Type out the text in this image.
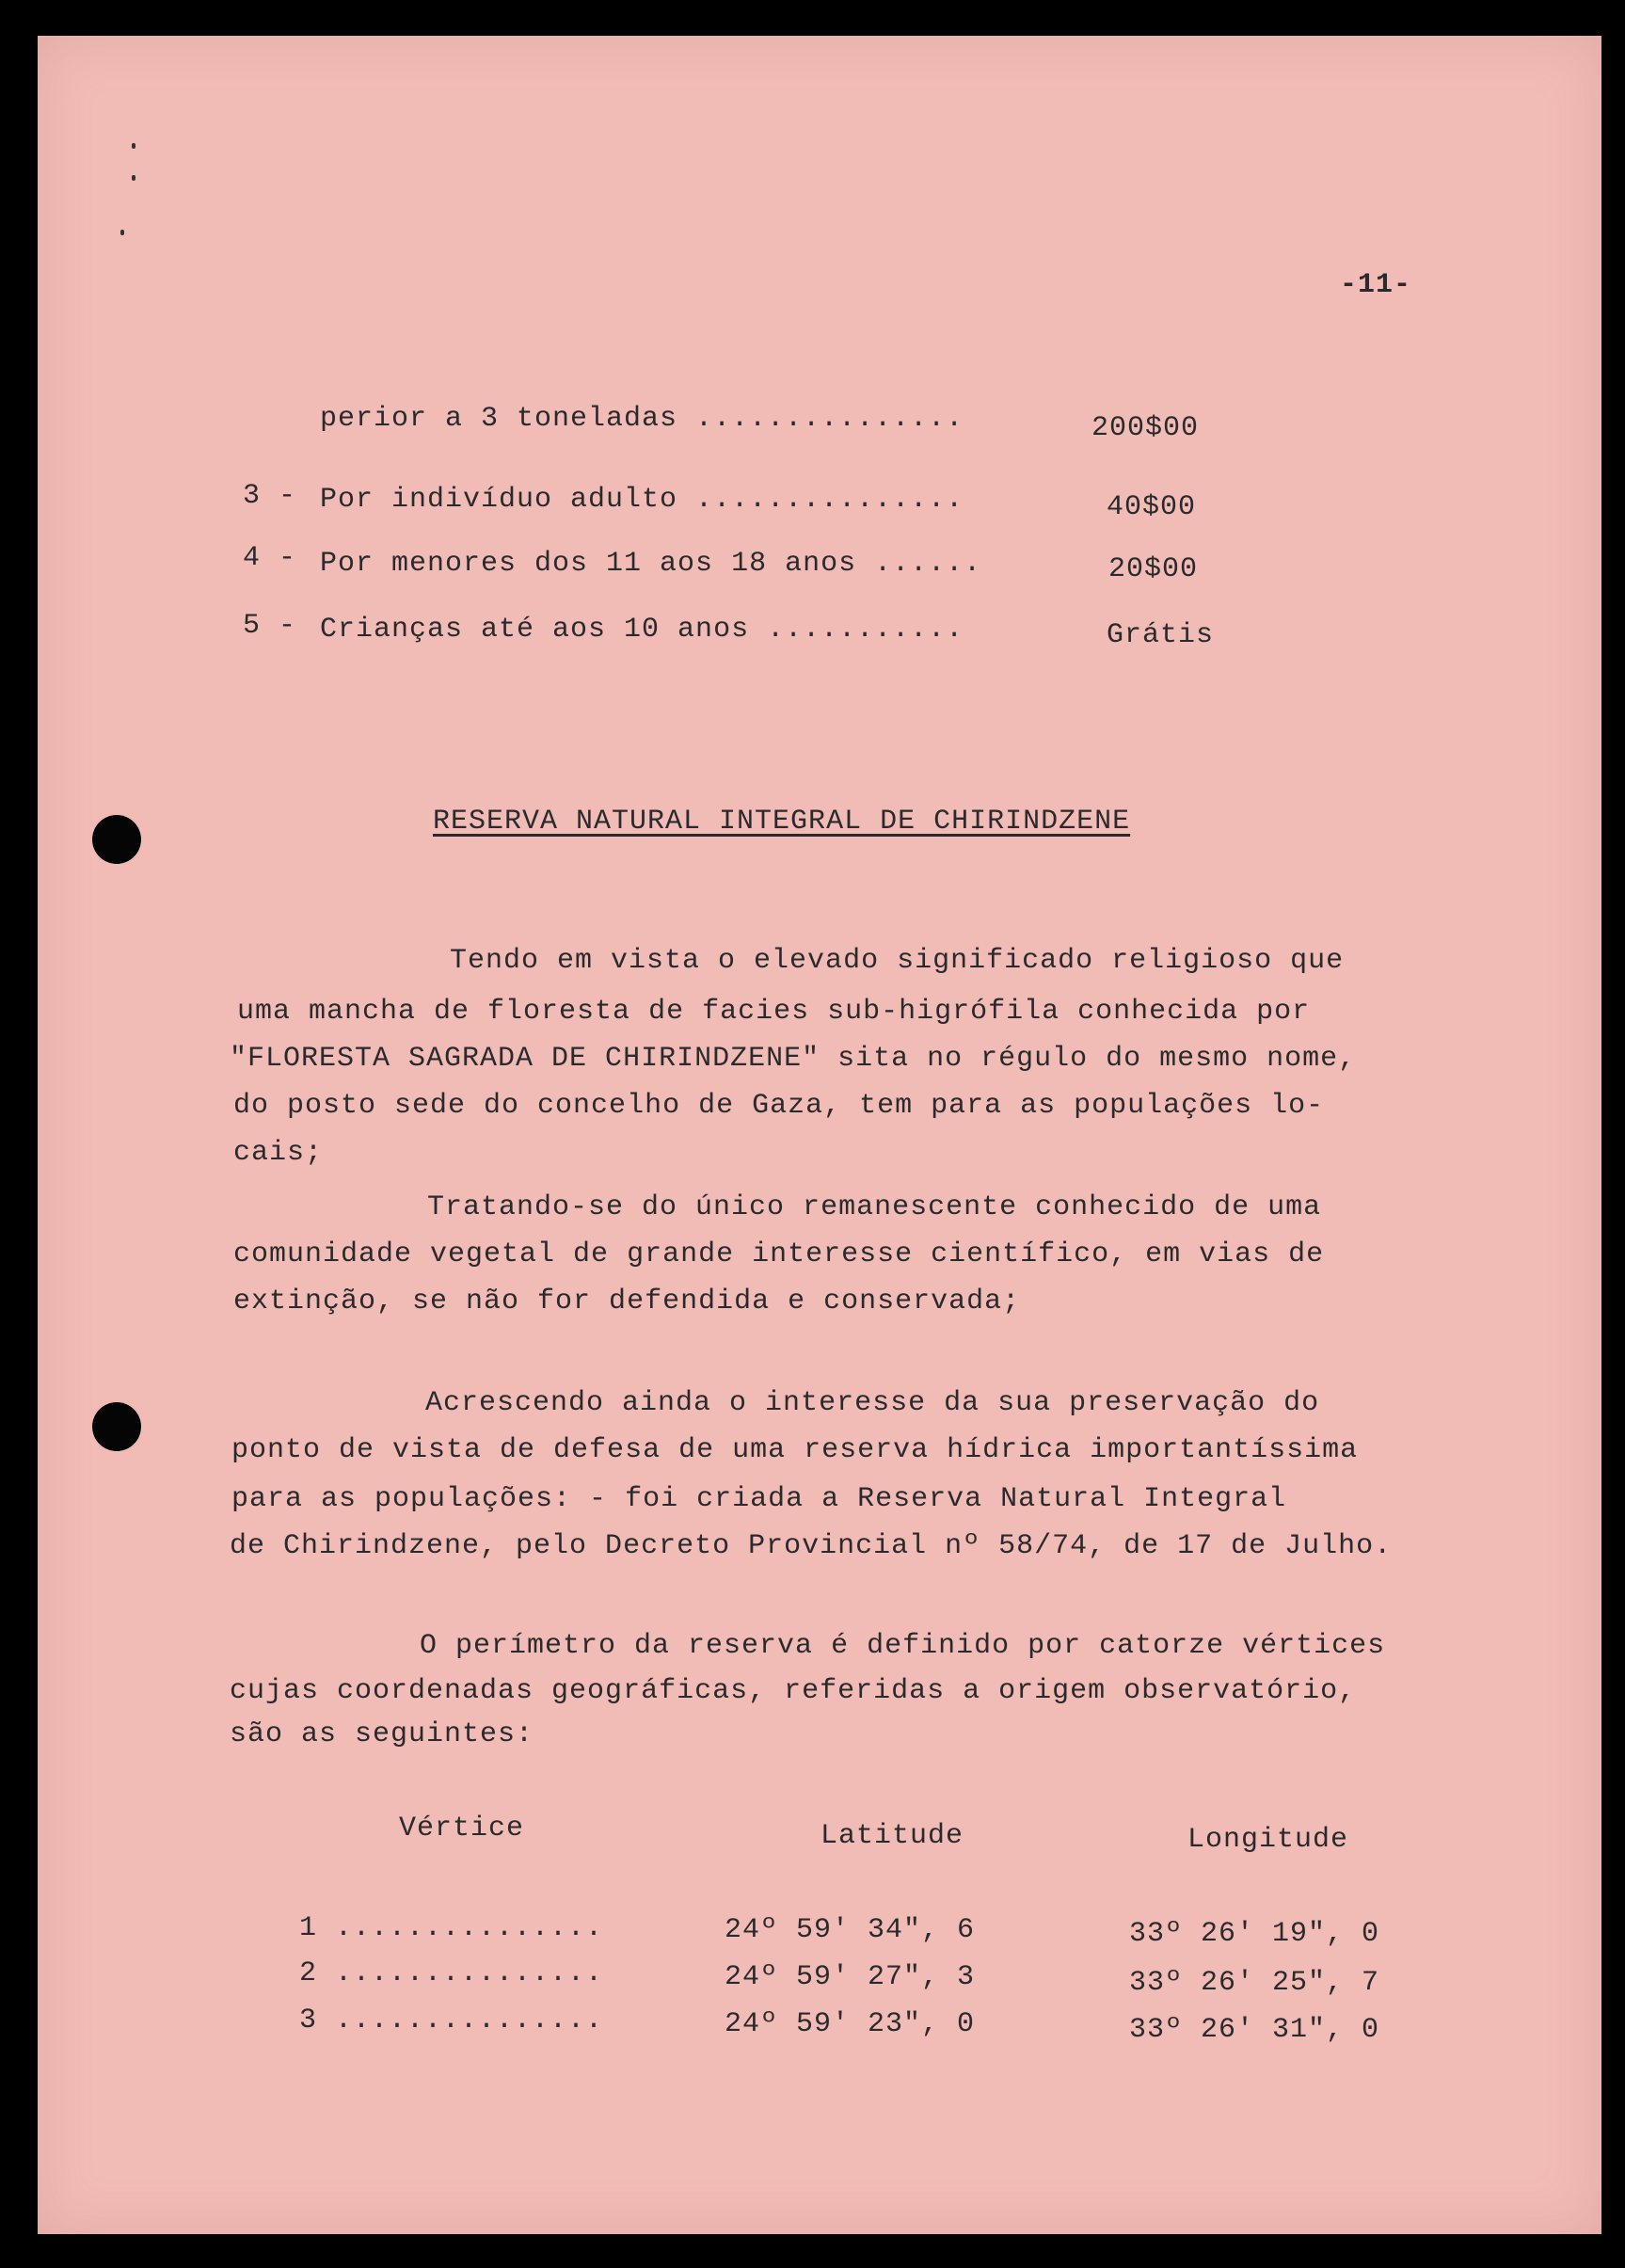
-11-
perior a 3 toneladas ...............	200$00
3 - Por indivíduo adulto ...............	40$00
4 - Por menores dos 11 aos 18 anos ......	20$00
5 - Crianças até aos 10 anos ...........	Grátis
RESERVA NATURAL INTEGRAL DE CHIRINDZENE
Tendo em vista o elevado significado religioso que
uma mancha de floresta de facies sub-higrófila conhecida por
"FLORESTA SAGRADA DE CHIRINDZENE" sita no régulo do mesmo nome,
do posto sede do concelho de Gaza, tem para as populações lo-
cais;
Tratando-se do único remanescente conhecido de uma
comunidade vegetal de grande interesse científico, em vias de
extinção, se não for defendida e conservada;
Acrescendo ainda o interesse da sua preservação do
ponto de vista de defesa de uma reserva hídrica importantíssima
para as populações: - foi criada a Reserva Natural Integral
de Chirindzene, pelo Decreto Provincial nº 58/74, de 17 de Julho.
O perímetro da reserva é definido por catorze vértices
cujas coordenadas geográficas, referidas a origem observatório,
são as seguintes:
Vértice	Latitude	Longitude
1 ...............	24º 59' 34", 6	33º 26' 19", 0
2 ...............	24º 59' 27", 3	33º 26' 25", 7
3 ...............	24º 59' 23", 0	33º 26' 31", 0
